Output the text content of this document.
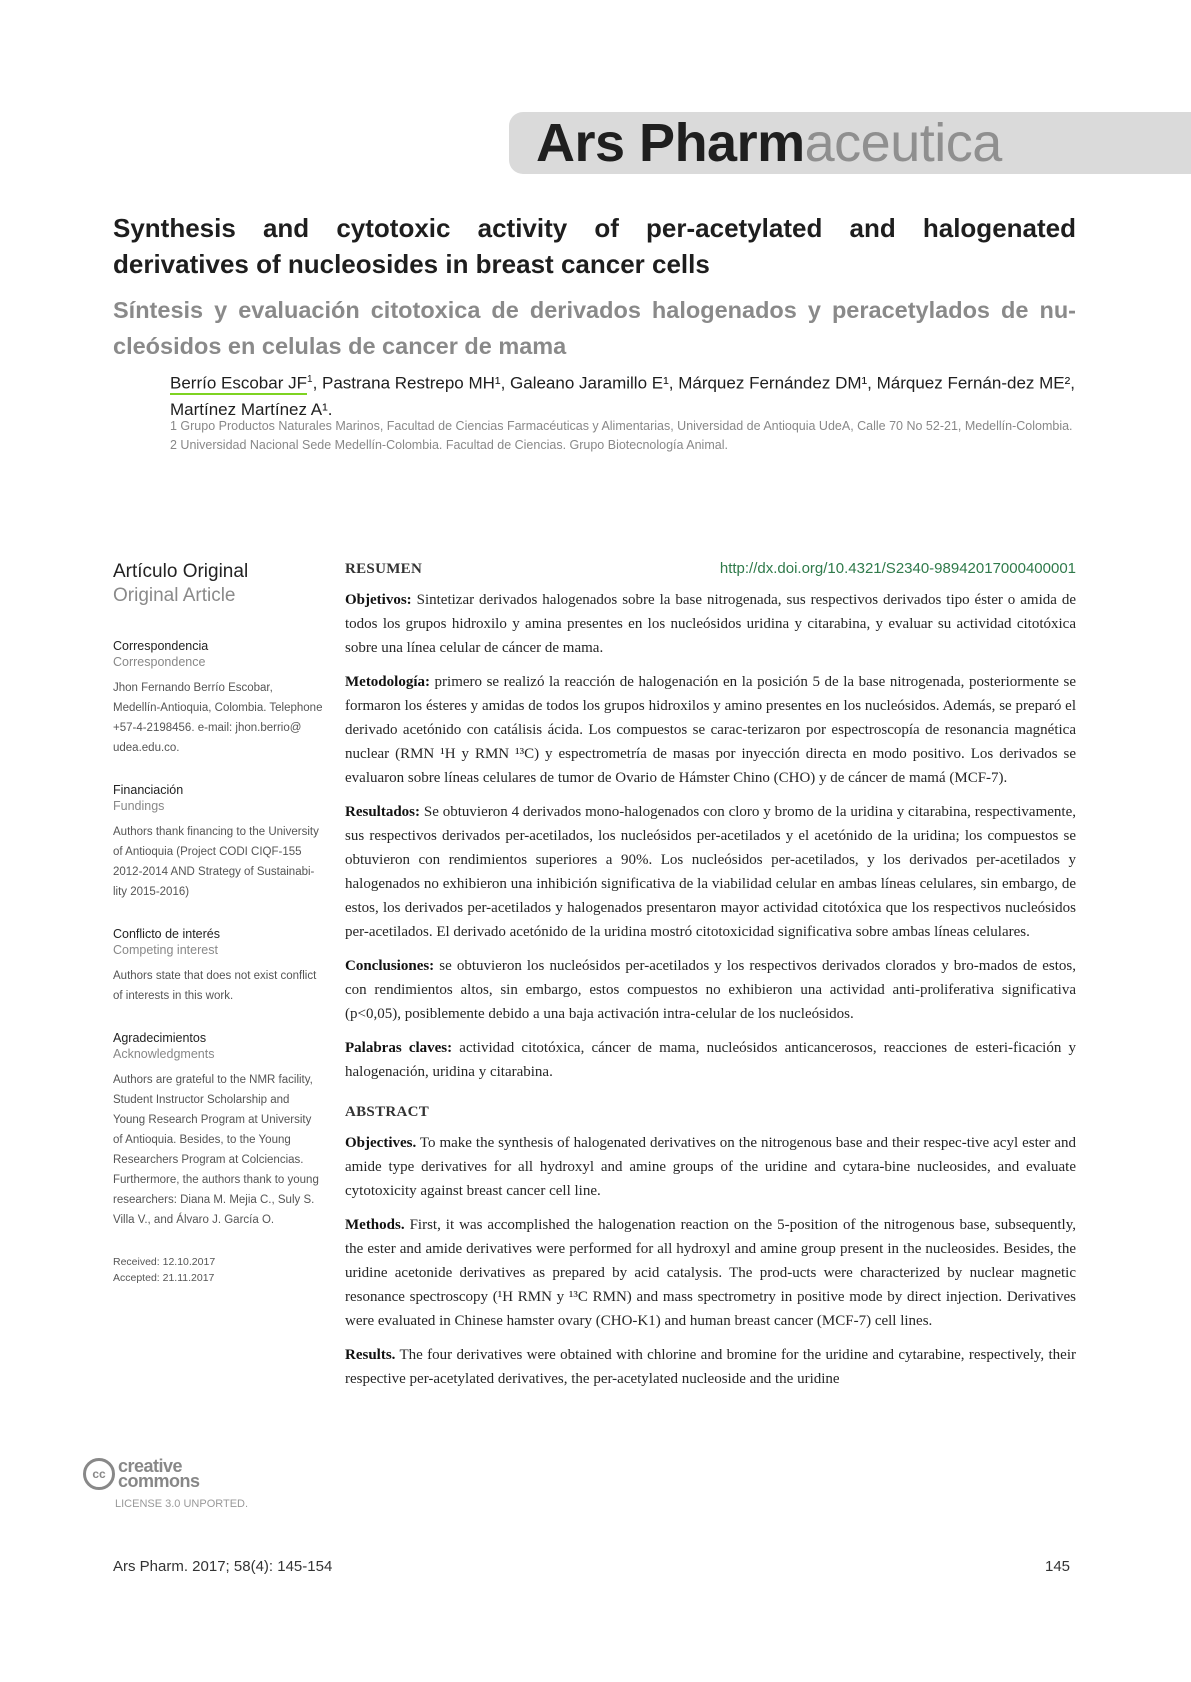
Ars Pharmaceutica
Synthesis and cytotoxic activity of per-acetylated and halogenated derivatives of nucleosides in breast cancer cells
Síntesis y evaluación citotoxica de derivados halogenados y peracetylados de nu-cleósidos en celulas de cancer de mama
Berrío Escobar $JF^1$, Pastrana Restrepo MH¹, Galeano Jaramillo E¹, Márquez Fernández DM¹, Márquez Fernán-dez ME², Martínez Martínez A¹.
1 Grupo Productos Naturales Marinos, Facultad de Ciencias Farmacéuticas y Alimentarias, Universidad de Antioquia UdeA, Calle 70 No 52-21, Medellín-Colombia.
2 Universidad Nacional Sede Medellín-Colombia. Facultad de Ciencias. Grupo Biotecnología Animal.
Artículo Original
Original Article
Correspondencia
Correspondence
Jhon Fernando Berrío Escobar, Medellín-Antioquia, Colombia. Telephone +57-4-2198456. e-mail: jhon.berrio@ udea.edu.co.
Financiación
Fundings
Authors thank financing to the University of Antioquia (Project CODI CIQF-155 2012-2014 AND Strategy of Sustainabi-lity 2015-2016)
Conflicto de interés
Competing interest
Authors state that does not exist conflict of interests in this work.
Agradecimientos
Acknowledgments
Authors are grateful to the NMR facility, Student Instructor Scholarship and Young Research Program at University of Antioquia. Besides, to the Young Researchers Program at Colciencias. Furthermore, the authors thank to young researchers: Diana M. Mejia C., Suly S. Villa V., and Álvaro J. García O.
Received: 12.10.2017
Accepted: 21.11.2017
cc creative
commons
LICENSE 3.0 UNPORTED.
RESUMEN	http://dx.doi.org/10.4321/S2340-98942017000400001

Objetivos: Sintetizar derivados halogenados sobre la base nitrogenada, sus respectivos derivados tipo éster o amida de todos los grupos hidroxilo y amina presentes en los nucleósidos uridina y citarabina, y evaluar su actividad citotóxica sobre una línea celular de cáncer de mama.

Metodología: primero se realizó la reacción de halogenación en la posición 5 de la base nitrogenada, posteriormente se formaron los ésteres y amidas de todos los grupos hidroxilos y amino presentes en los nucleósidos. Además, se preparó el derivado acetónido con catálisis ácida. Los compuestos se carac-terizaron por espectroscopía de resonancia magnética nuclear (RMN ¹H y RMN ¹³C) y espectrometría de masas por inyección directa en modo positivo. Los derivados se evaluaron sobre líneas celulares de tumor de Ovario de Hámster Chino (CHO) y de cáncer de mamá (MCF-7).

Resultados: Se obtuvieron 4 derivados mono-halogenados con cloro y bromo de la uridina y citarabina, respectivamente, sus respectivos derivados per-acetilados, los nucleósidos per-acetilados y el acetónido de la uridina; los compuestos se obtuvieron con rendimientos superiores a 90%. Los nucleósidos per-acetilados, y los derivados per-acetilados y halogenados no exhibieron una inhibición significativa de la viabilidad celular en ambas líneas celulares, sin embargo, de estos, los derivados per-acetilados y halogenados presentaron mayor actividad citotóxica que los respectivos nucleósidos per-acetilados. El derivado acetónido de la uridina mostró citotoxicidad significativa sobre ambas líneas celulares.

Conclusiones: se obtuvieron los nucleósidos per-acetilados y los respectivos derivados clorados y bro-mados de estos, con rendimientos altos, sin embargo, estos compuestos no exhibieron una actividad anti-proliferativa significativa (p<0,05), posiblemente debido a una baja activación intra-celular de los nucleósidos.

Palabras claves: actividad citotóxica, cáncer de mama, nucleósidos anticancerosos, reacciones de esteri-ficación y halogenación, uridina y citarabina.

ABSTRACT

Objectives. To make the synthesis of halogenated derivatives on the nitrogenous base and their respec-tive acyl ester and amide type derivatives for all hydroxyl and amine groups of the uridine and cytara-bine nucleosides, and evaluate cytotoxicity against breast cancer cell line.

Methods. First, it was accomplished the halogenation reaction on the 5-position of the nitrogenous base, subsequently, the ester and amide derivatives were performed for all hydroxyl and amine group present in the nucleosides. Besides, the uridine acetonide derivatives as prepared by acid catalysis. The prod-ucts were characterized by nuclear magnetic resonance spectroscopy (¹H RMN y ¹³C RMN) and mass spectrometry in positive mode by direct injection. Derivatives were evaluated in Chinese hamster ovary (CHO-K1) and human breast cancer (MCF-7) cell lines.

Results. The four derivatives were obtained with chlorine and bromine for the uridine and cytarabine, respectively, their respective per-acetylated derivatives, the per-acetylated nucleoside and the uridine

Ars Pharm. 2017; 58(4): 145-154	145
